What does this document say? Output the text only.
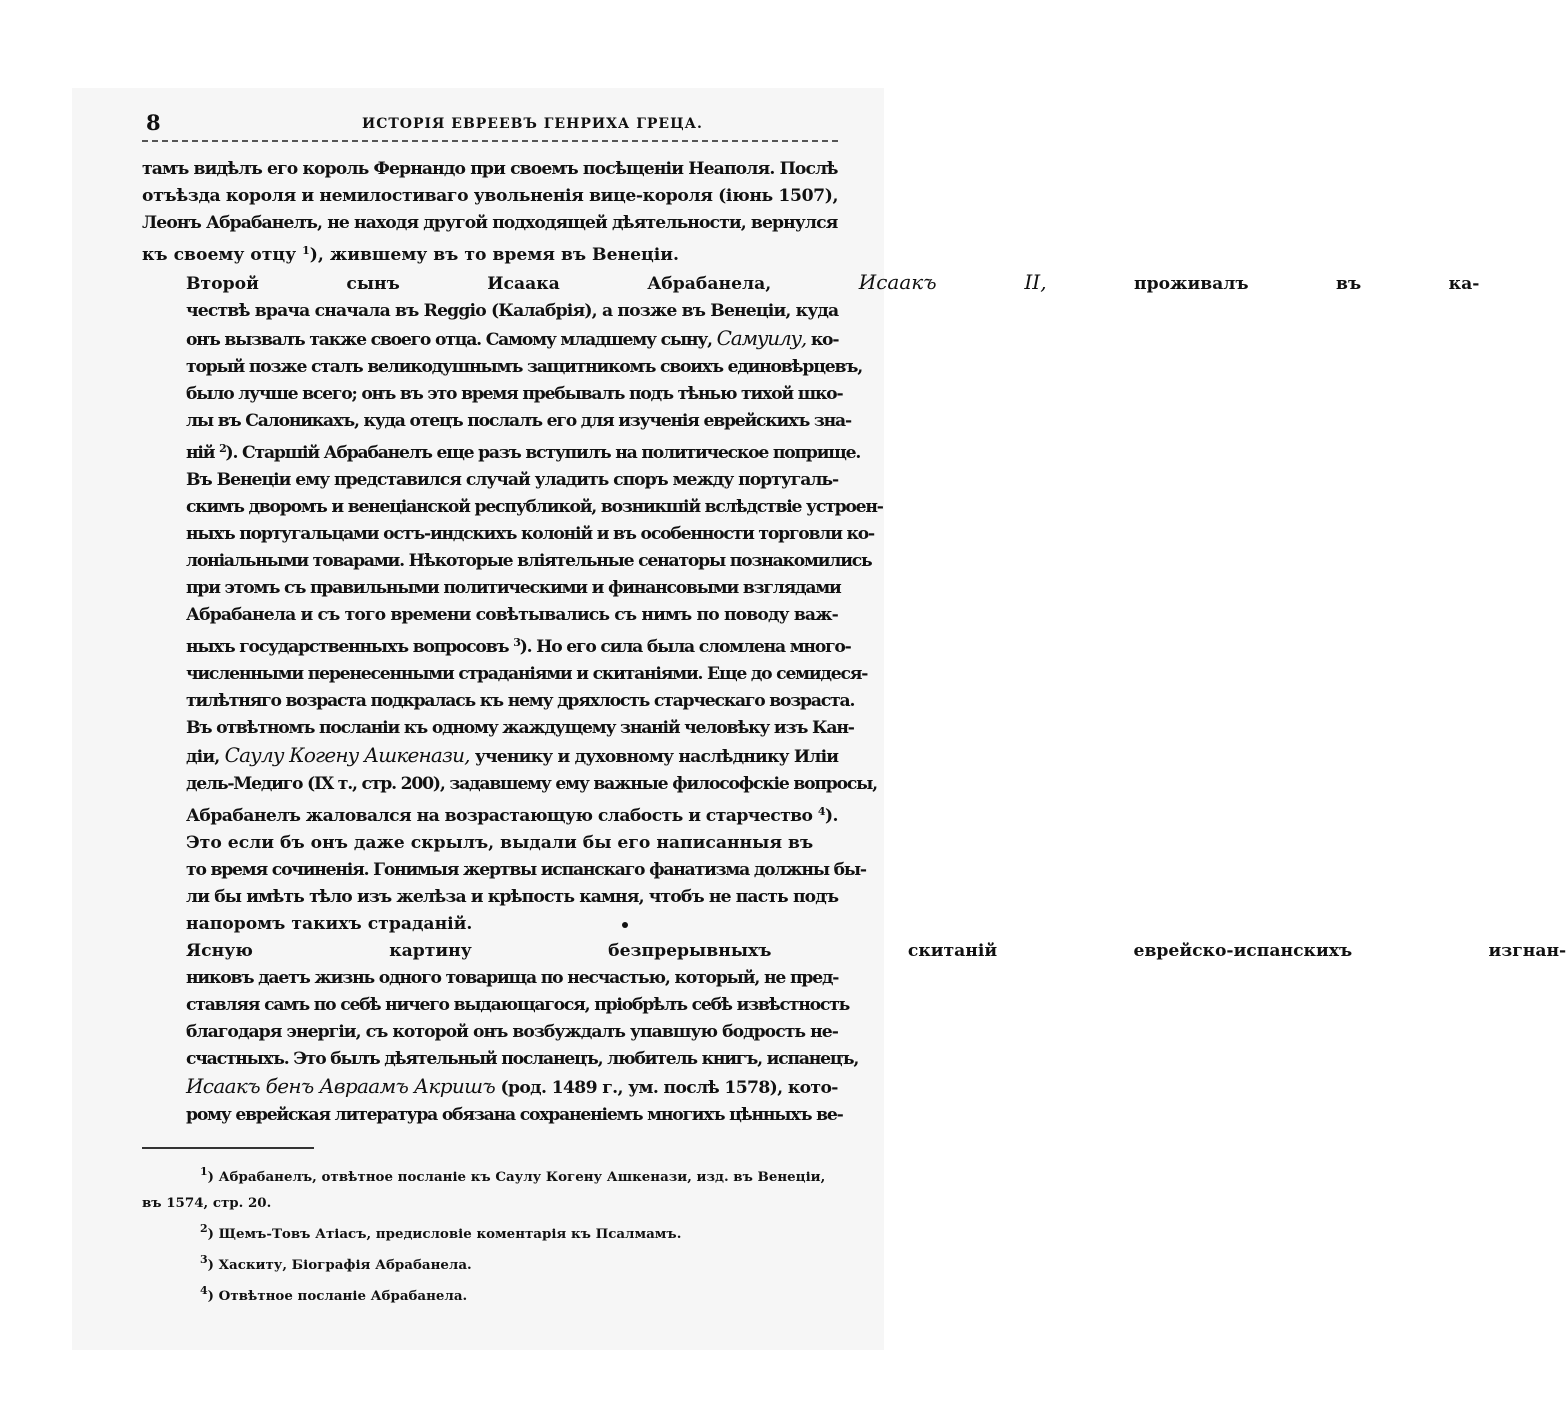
8	ИСТОРІЯ ЕВРЕЕВЪ ГЕНРИХА ГРЕЦА.

тамъ видѣлъ его король Фернандо при своемъ посѣщеніи Неаполя. Послѣ
отъѣзда короля и немилостиваго увольненія вице-короля (іюнь 1507),
Леонъ Абрабанелъ, не находя другой подходящей дѣятельности, вернулся
къ своему отцу $^1$), жившему въ то время въ Венеціи.

Второй сынъ Исаака Абрабанела,	Исаакъ II,	проживалъ въ ка-
чествѣ врача сначала въ Reggio (Калабрія), а позже въ Венеціи, куда
онъ вызвалъ также своего отца. Самому младшему сыну, Самуилу, ко-
торый позже сталъ великодушнымъ защитникомъ своихъ единовѣрцевъ,
было лучше всего; онъ въ это время пребывалъ подъ тѣнью тихой шко-
лы въ Салоникахъ, куда отецъ послалъ его для изученія еврейскихъ зна-
ній $^2$). Старшій Абрабанелъ еще разъ вступилъ на политическое поприще.
Въ Венеціи ему представился случай уладить споръ между португаль-
скимъ дворомъ и венеціанской республикой, возникшій вслѣдствіе устроен-
ныхъ португальцами остъ-индскихъ колоній и въ особенности торговли ко-
лоніальными товарами. Нѣкоторые вліятельные сенаторы познакомились
при этомъ съ правильными политическими и финансовыми взглядами
Абрабанела и съ того времени совѣтывались съ нимъ по поводу важ-
ныхъ государственныхъ вопросовъ $^3$). Но его сила была сломлена много-
численными перенесенными страданіями и скитаніями. Еще до семидеся-
тилѣтняго возраста подкралась къ нему дряхлость старческаго возраста.
Въ отвѣтномъ посланіи къ одному жаждущему знаній человѣку изъ Кан-
діи, Саулу Когену Ашкенази, ученику и духовному наслѣднику Иліи
дель-Медиго (IX т., стр. 200), задавшему ему важные философскіе вопросы,
Абрабанелъ жаловался на возрастающую слабость и старчество $^4$).
Это если бъ онъ даже скрылъ, выдали бы его написанныя въ
то время сочиненія. Гонимыя жертвы испанскаго фанатизма должны бы-
ли бы имѣть тѣло изъ желѣза и крѣпость камня, чтобъ не пасть подъ
напоромъ такихъ страданій.

Ясную картину безпрерывныхъ скитаній еврейско-испанскихъ изгнан-
никовъ даетъ жизнь одного товарища по несчастью, который, не пред-
ставляя самъ по себѣ ничего выдающагося, пріобрѣлъ себѣ извѣстность
благодаря энергіи, съ которой онъ возбуждалъ упавшую бодрость не-
счастныхъ. Это былъ дѣятельный посланецъ, любитель книгъ, испанецъ,
Исаакъ бенъ Авраамъ Акришъ (род. 1489 г., ум. послѣ 1578), кото-
рому еврейская литература обязана сохраненіемъ многихъ цѣнныхъ ве-

$^1$) Абрабанелъ, отвѣтное посланіе къ Саулу Когену Ашкенази, изд. въ Венеціи,
въ 1574, стр. 20.
$^2$) Щемъ-Товъ Атіасъ, предисловіе коментарія къ Псалмамъ.
$^3$) Хаскиту, Біографія Абрабанела.
$^4$) Отвѣтное посланіе Абрабанела.
